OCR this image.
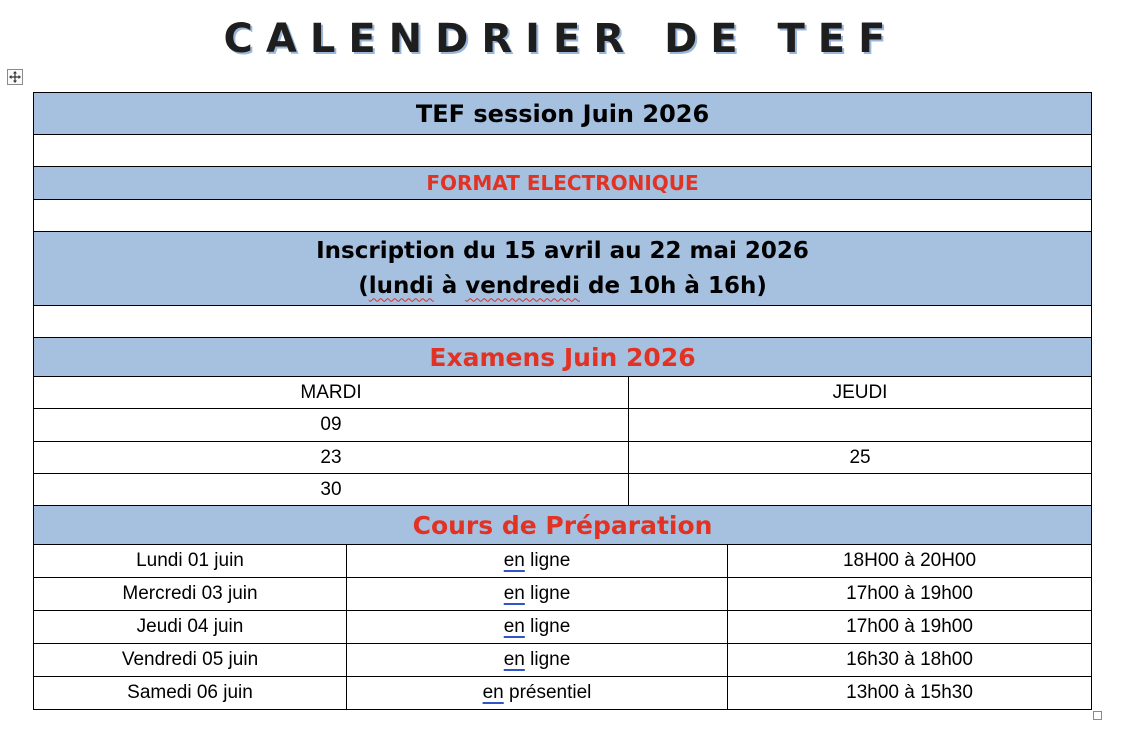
CALENDRIER DE TEF
TEF session Juin 2026			

FORMAT ELECTRONIQUE			

Inscription du 15 avril au 22 mai 2026
(lundi à vendredi de 10h à 16h)			

Examens Juin 2026			
MARDI		JEUDI	
09			
23		25	
30			
Cours de Préparation			
Lundi 01 juin	en ligne		18H00 à 20H00
Mercredi 03 juin	en ligne		17h00 à 19h00
Jeudi 04 juin	en ligne		17h00 à 19h00
Vendredi 05 juin	en ligne		16h30 à 18h00
Samedi 06 juin	en présentiel		13h00 à 15h30
